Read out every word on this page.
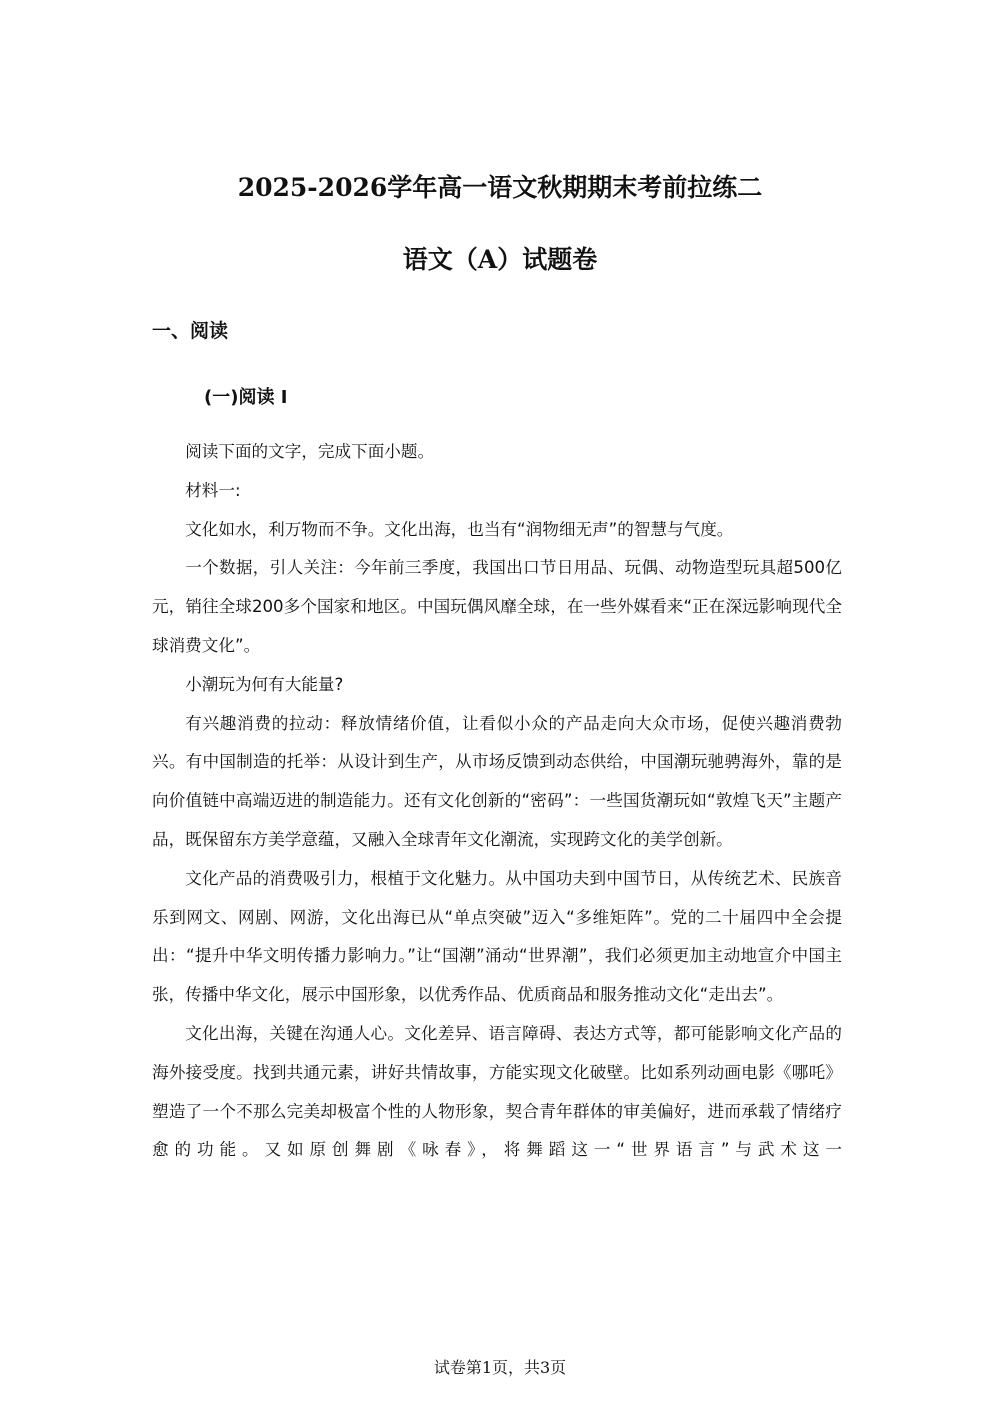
2025-2026学年高一语文秋期期末考前拉练二
语文（A）试题卷
一、阅读
(一)阅读 I

阅读下面的文字，完成下面小题。

材料一:

文化如水，利万物而不争。文化出海，也当有“润物细无声”的智慧与气度。

一个数据，引人关注：今年前三季度，我国出口节日用品、玩偶、动物造型玩具超500亿元，销往全球200多个国家和地区。中国玩偶风靡全球，在一些外媒看来“正在深远影响现代全球消费文化”。

小潮玩为何有大能量?

有兴趣消费的拉动：释放情绪价值，让看似小众的产品走向大众市场，促使兴趣消费勃兴。有中国制造的托举：从设计到生产，从市场反馈到动态供给，中国潮玩驰骋海外，靠的是向价值链中高端迈进的制造能力。还有文化创新的“密码”：一些国货潮玩如“敦煌飞天”主题产品，既保留东方美学意蕴，又融入全球青年文化潮流，实现跨文化的美学创新。

文化产品的消费吸引力，根植于文化魅力。从中国功夫到中国节日，从传统艺术、民族音乐到网文、网剧、网游，文化出海已从“单点突破”迈入“多维矩阵”。党的二十届四中全会提出：“提升中华文明传播力影响力。”让“国潮”涌动“世界潮”，我们必须更加主动地宣介中国主张，传播中华文化，展示中国形象，以优秀作品、优质商品和服务推动文化“走出去”。

文化出海，关键在沟通人心。文化差异、语言障碍、表达方式等，都可能影响文化产品的海外接受度。找到共通元素，讲好共情故事，方能实现文化破壁。比如系列动画电影《哪吒》塑造了一个不那么完美却极富个性的人物形象，契合青年群体的审美偏好，进而承载了情绪疗愈的功能。又如原创舞剧《咏春》，将舞蹈这一“世界语言”与武术这一

试卷第1页，共3页
